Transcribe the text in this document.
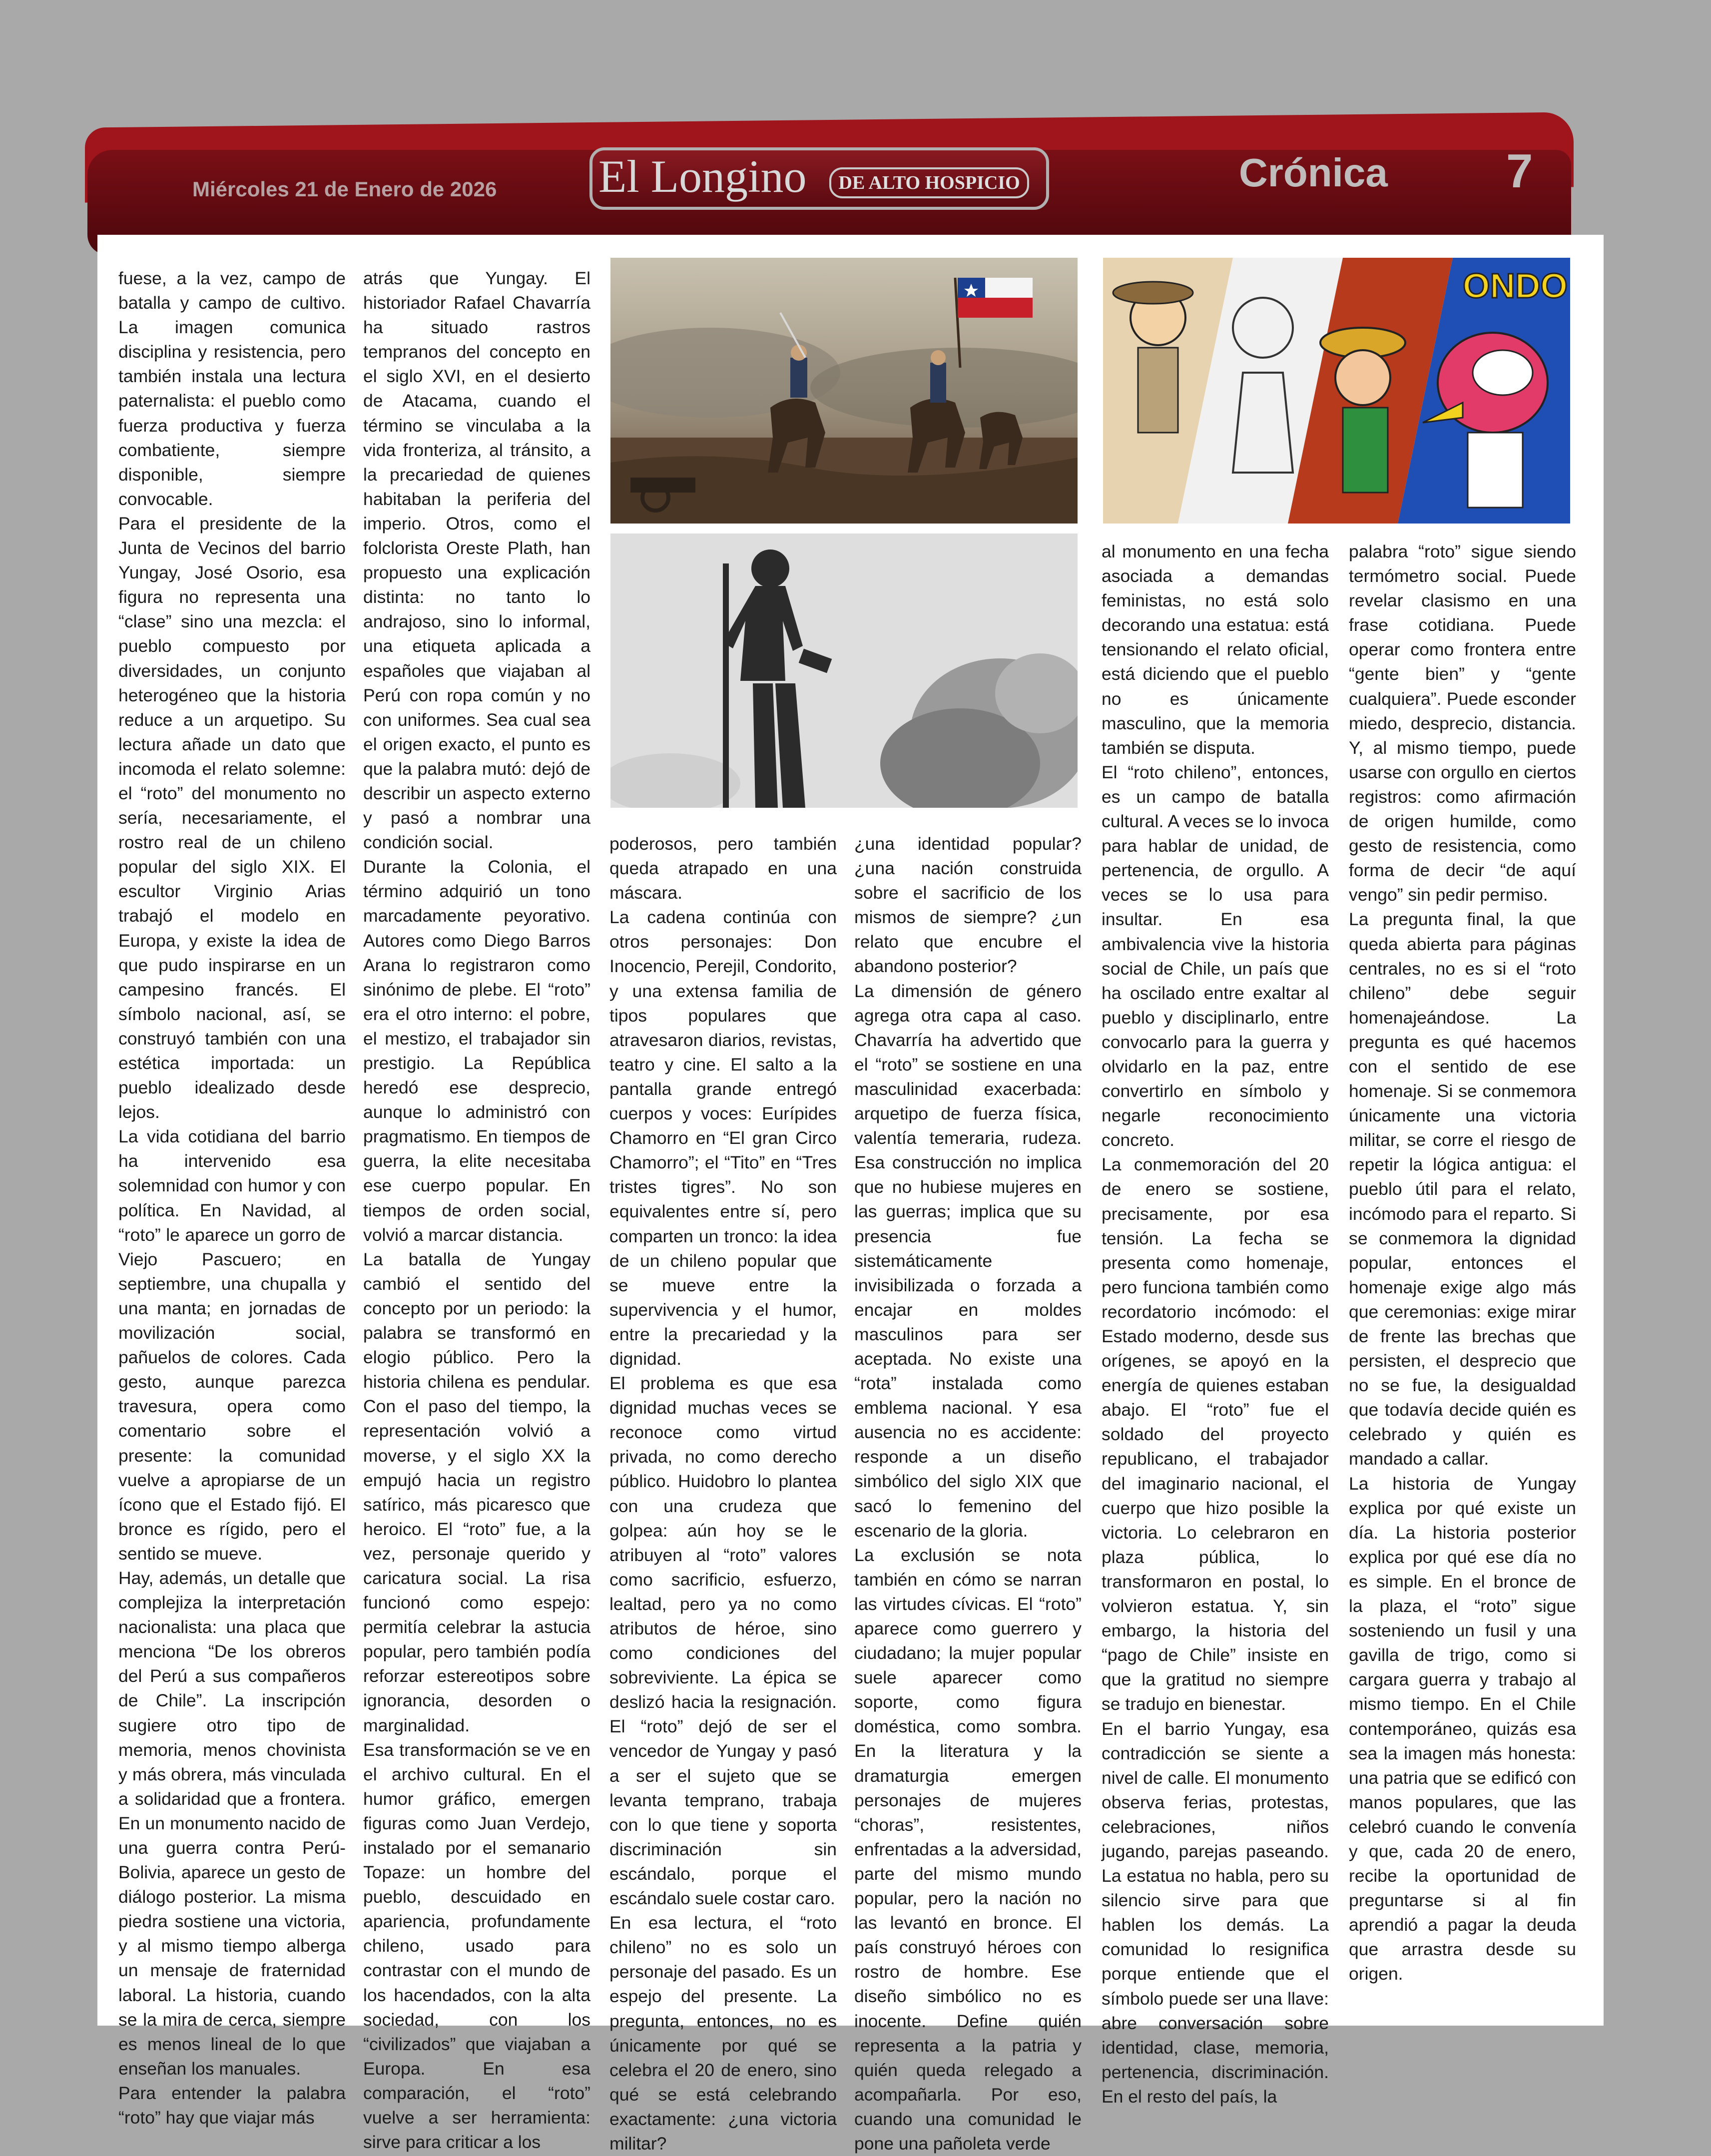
Miércoles 21 de Enero de 2026 El Longino	DE ALTO HOSPICIO	Crónica 7
ONDO

fuese, a la vez, campo de batalla y campo de cultivo. La imagen comunica disciplina y resistencia, pero también instala una lectura paternalista: el pueblo como fuerza productiva y fuerza combatiente, siempre disponible, siempre convocable.

Para el presidente de la Junta de Vecinos del barrio Yungay, José Osorio, esa figura no representa una “clase” sino una mezcla: el pueblo compuesto por diversidades, un conjunto heterogéneo que la historia reduce a un arquetipo. Su lectura añade un dato que incomoda el relato solemne: el “roto” del monumento no sería, necesariamente, el rostro real de un chileno popular del siglo XIX. El escultor Virginio Arias trabajó el modelo en Europa, y existe la idea de que pudo inspirarse en un campesino francés. El símbolo nacional, así, se construyó también con una estética importada: un pueblo idealizado desde lejos.

La vida cotidiana del barrio ha intervenido esa solemnidad con humor y con política. En Navidad, al “roto” le aparece un gorro de Viejo Pascuero; en septiembre, una chupalla y una manta; en jornadas de movilización social, pañuelos de colores. Cada gesto, aunque parezca travesura, opera como comentario sobre el presente: la comunidad vuelve a apropiarse de un ícono que el Estado fijó. El bronce es rígido, pero el sentido se mueve.

Hay, además, un detalle que complejiza la interpretación nacionalista: una placa que menciona “De los obreros del Perú a sus compañeros de Chile”. La inscripción sugiere otro tipo de memoria, menos chovinista y más obrera, más vinculada a solidaridad que a frontera. En un monumento nacido de una guerra contra Perú-Bolivia, aparece un gesto de diálogo posterior. La misma piedra sostiene una victoria, y al mismo tiempo alberga un mensaje de fraternidad laboral. La historia, cuando se la mira de cerca, siempre es menos lineal de lo que enseñan los manuales.

Para entender la palabra “roto” hay que viajar más

atrás que Yungay. El historiador Rafael Chavarría ha situado rastros tempranos del concepto en el siglo XVI, en el desierto de Atacama, cuando el término se vinculaba a la vida fronteriza, al tránsito, a la precariedad de quienes habitaban la periferia del imperio. Otros, como el folclorista Oreste Plath, han propuesto una explicación distinta: no tanto lo andrajoso, sino lo informal, una etiqueta aplicada a españoles que viajaban al Perú con ropa común y no con uniformes. Sea cual sea el origen exacto, el punto es que la palabra mutó: dejó de describir un aspecto externo y pasó a nombrar una condición social.

Durante la Colonia, el término adquirió un tono marcadamente peyorativo. Autores como Diego Barros Arana lo registraron como sinónimo de plebe. El “roto” era el otro interno: el pobre, el mestizo, el trabajador sin prestigio. La República heredó ese desprecio, aunque lo administró con pragmatismo. En tiempos de guerra, la elite necesitaba ese cuerpo popular. En tiempos de orden social, volvió a marcar distancia.

La batalla de Yungay cambió el sentido del concepto por un periodo: la palabra se transformó en elogio público. Pero la historia chilena es pendular. Con el paso del tiempo, la representación volvió a moverse, y el siglo XX la empujó hacia un registro satírico, más picaresco que heroico. El “roto” fue, a la vez, personaje querido y caricatura social. La risa funcionó como espejo: permitía celebrar la astucia popular, pero también podía reforzar estereotipos sobre ignorancia, desorden o marginalidad.

Esa transformación se ve en el archivo cultural. En el humor gráfico, emergen figuras como Juan Verdejo, instalado por el semanario Topaze: un hombre del pueblo, descuidado en apariencia, profundamente chileno, usado para contrastar con el mundo de los hacendados, con la alta sociedad, con los “civilizados” que viajaban a Europa. En esa comparación, el “roto” vuelve a ser herramienta: sirve para criticar a los

poderosos, pero también queda atrapado en una máscara.

La cadena continúa con otros personajes: Don Inocencio, Perejil, Condorito, y una extensa familia de tipos populares que atravesaron diarios, revistas, teatro y cine. El salto a la pantalla grande entregó cuerpos y voces: Eurípides Chamorro en “El gran Circo Chamorro”; el “Tito” en “Tres tristes tigres”. No son equivalentes entre sí, pero comparten un tronco: la idea de un chileno popular que se mueve entre la supervivencia y el humor, entre la precariedad y la dignidad.

El problema es que esa dignidad muchas veces se reconoce como virtud privada, no como derecho público. Huidobro lo plantea con una crudeza que golpea: aún hoy se le atribuyen al “roto” valores como sacrificio, esfuerzo, lealtad, pero ya no como atributos de héroe, sino como condiciones del sobreviviente. La épica se deslizó hacia la resignación. El “roto” dejó de ser el vencedor de Yungay y pasó a ser el sujeto que se levanta temprano, trabaja con lo que tiene y soporta discriminación sin escándalo, porque el escándalo suele costar caro.

En esa lectura, el “roto chileno” no es solo un personaje del pasado. Es un espejo del presente. La pregunta, entonces, no es únicamente por qué se celebra el 20 de enero, sino qué se está celebrando exactamente: ¿una victoria militar?

¿una identidad popular? ¿una nación construida sobre el sacrificio de los mismos de siempre? ¿un relato que encubre el abandono posterior?

La dimensión de género agrega otra capa al caso. Chavarría ha advertido que el “roto” se sostiene en una masculinidad exacerbada: arquetipo de fuerza física, valentía temeraria, rudeza. Esa construcción no implica que no hubiese mujeres en las guerras; implica que su presencia fue sistemáticamente invisibilizada o forzada a encajar en moldes masculinos para ser aceptada. No existe una “rota” instalada como emblema nacional. Y esa ausencia no es accidente: responde a un diseño simbólico del siglo XIX que sacó lo femenino del escenario de la gloria.

La exclusión se nota también en cómo se narran las virtudes cívicas. El “roto” aparece como guerrero y ciudadano; la mujer popular suele aparecer como soporte, como figura doméstica, como sombra. En la literatura y la dramaturgia emergen personajes de mujeres “choras”, resistentes, enfrentadas a la adversidad, parte del mismo mundo popular, pero la nación no las levantó en bronce. El país construyó héroes con rostro de hombre. Ese diseño simbólico no es inocente. Define quién representa a la patria y quién queda relegado a acompañarla. Por eso, cuando una comunidad le pone una pañoleta verde

al monumento en una fecha asociada a demandas feministas, no está solo decorando una estatua: está tensionando el relato oficial, está diciendo que el pueblo no es únicamente masculino, que la memoria también se disputa.

El “roto chileno”, entonces, es un campo de batalla cultural. A veces se lo invoca para hablar de unidad, de pertenencia, de orgullo. A veces se lo usa para insultar. En esa ambivalencia vive la historia social de Chile, un país que ha oscilado entre exaltar al pueblo y disciplinarlo, entre convocarlo para la guerra y olvidarlo en la paz, entre convertirlo en símbolo y negarle reconocimiento concreto.

La conmemoración del 20 de enero se sostiene, precisamente, por esa tensión. La fecha se presenta como homenaje, pero funciona también como recordatorio incómodo: el Estado moderno, desde sus orígenes, se apoyó en la energía de quienes estaban abajo. El “roto” fue el soldado del proyecto republicano, el trabajador del imaginario nacional, el cuerpo que hizo posible la victoria. Lo celebraron en plaza pública, lo transformaron en postal, lo volvieron estatua. Y, sin embargo, la historia del “pago de Chile” insiste en que la gratitud no siempre se tradujo en bienestar.

En el barrio Yungay, esa contradicción se siente a nivel de calle. El monumento observa ferias, protestas, celebraciones, niños jugando, parejas paseando. La estatua no habla, pero su silencio sirve para que hablen los demás. La comunidad lo resignifica porque entiende que el símbolo puede ser una llave: abre conversación sobre identidad, clase, memoria, pertenencia, discriminación. En el resto del país, la

palabra “roto” sigue siendo termómetro social. Puede revelar clasismo en una frase cotidiana. Puede operar como frontera entre “gente bien” y “gente cualquiera”. Puede esconder miedo, desprecio, distancia. Y, al mismo tiempo, puede usarse con orgullo en ciertos registros: como afirmación de origen humilde, como gesto de resistencia, como forma de decir “de aquí vengo” sin pedir permiso.

La pregunta final, la que queda abierta para páginas centrales, no es si el “roto chileno” debe seguir homenajeándose. La pregunta es qué hacemos con el sentido de ese homenaje. Si se conmemora únicamente una victoria militar, se corre el riesgo de repetir la lógica antigua: el pueblo útil para el relato, incómodo para el reparto. Si se conmemora la dignidad popular, entonces el homenaje exige algo más que ceremonias: exige mirar de frente las brechas que persisten, el desprecio que no se fue, la desigualdad que todavía decide quién es celebrado y quién es mandado a callar.

La historia de Yungay explica por qué existe un día. La historia posterior explica por qué ese día no es simple. En el bronce de la plaza, el “roto” sigue sosteniendo un fusil y una gavilla de trigo, como si cargara guerra y trabajo al mismo tiempo. En el Chile contemporáneo, quizás esa sea la imagen más honesta: una patria que se edificó con manos populares, que las celebró cuando le convenía y que, cada 20 de enero, recibe la oportunidad de preguntarse si al fin aprendió a pagar la deuda que arrastra desde su origen.
